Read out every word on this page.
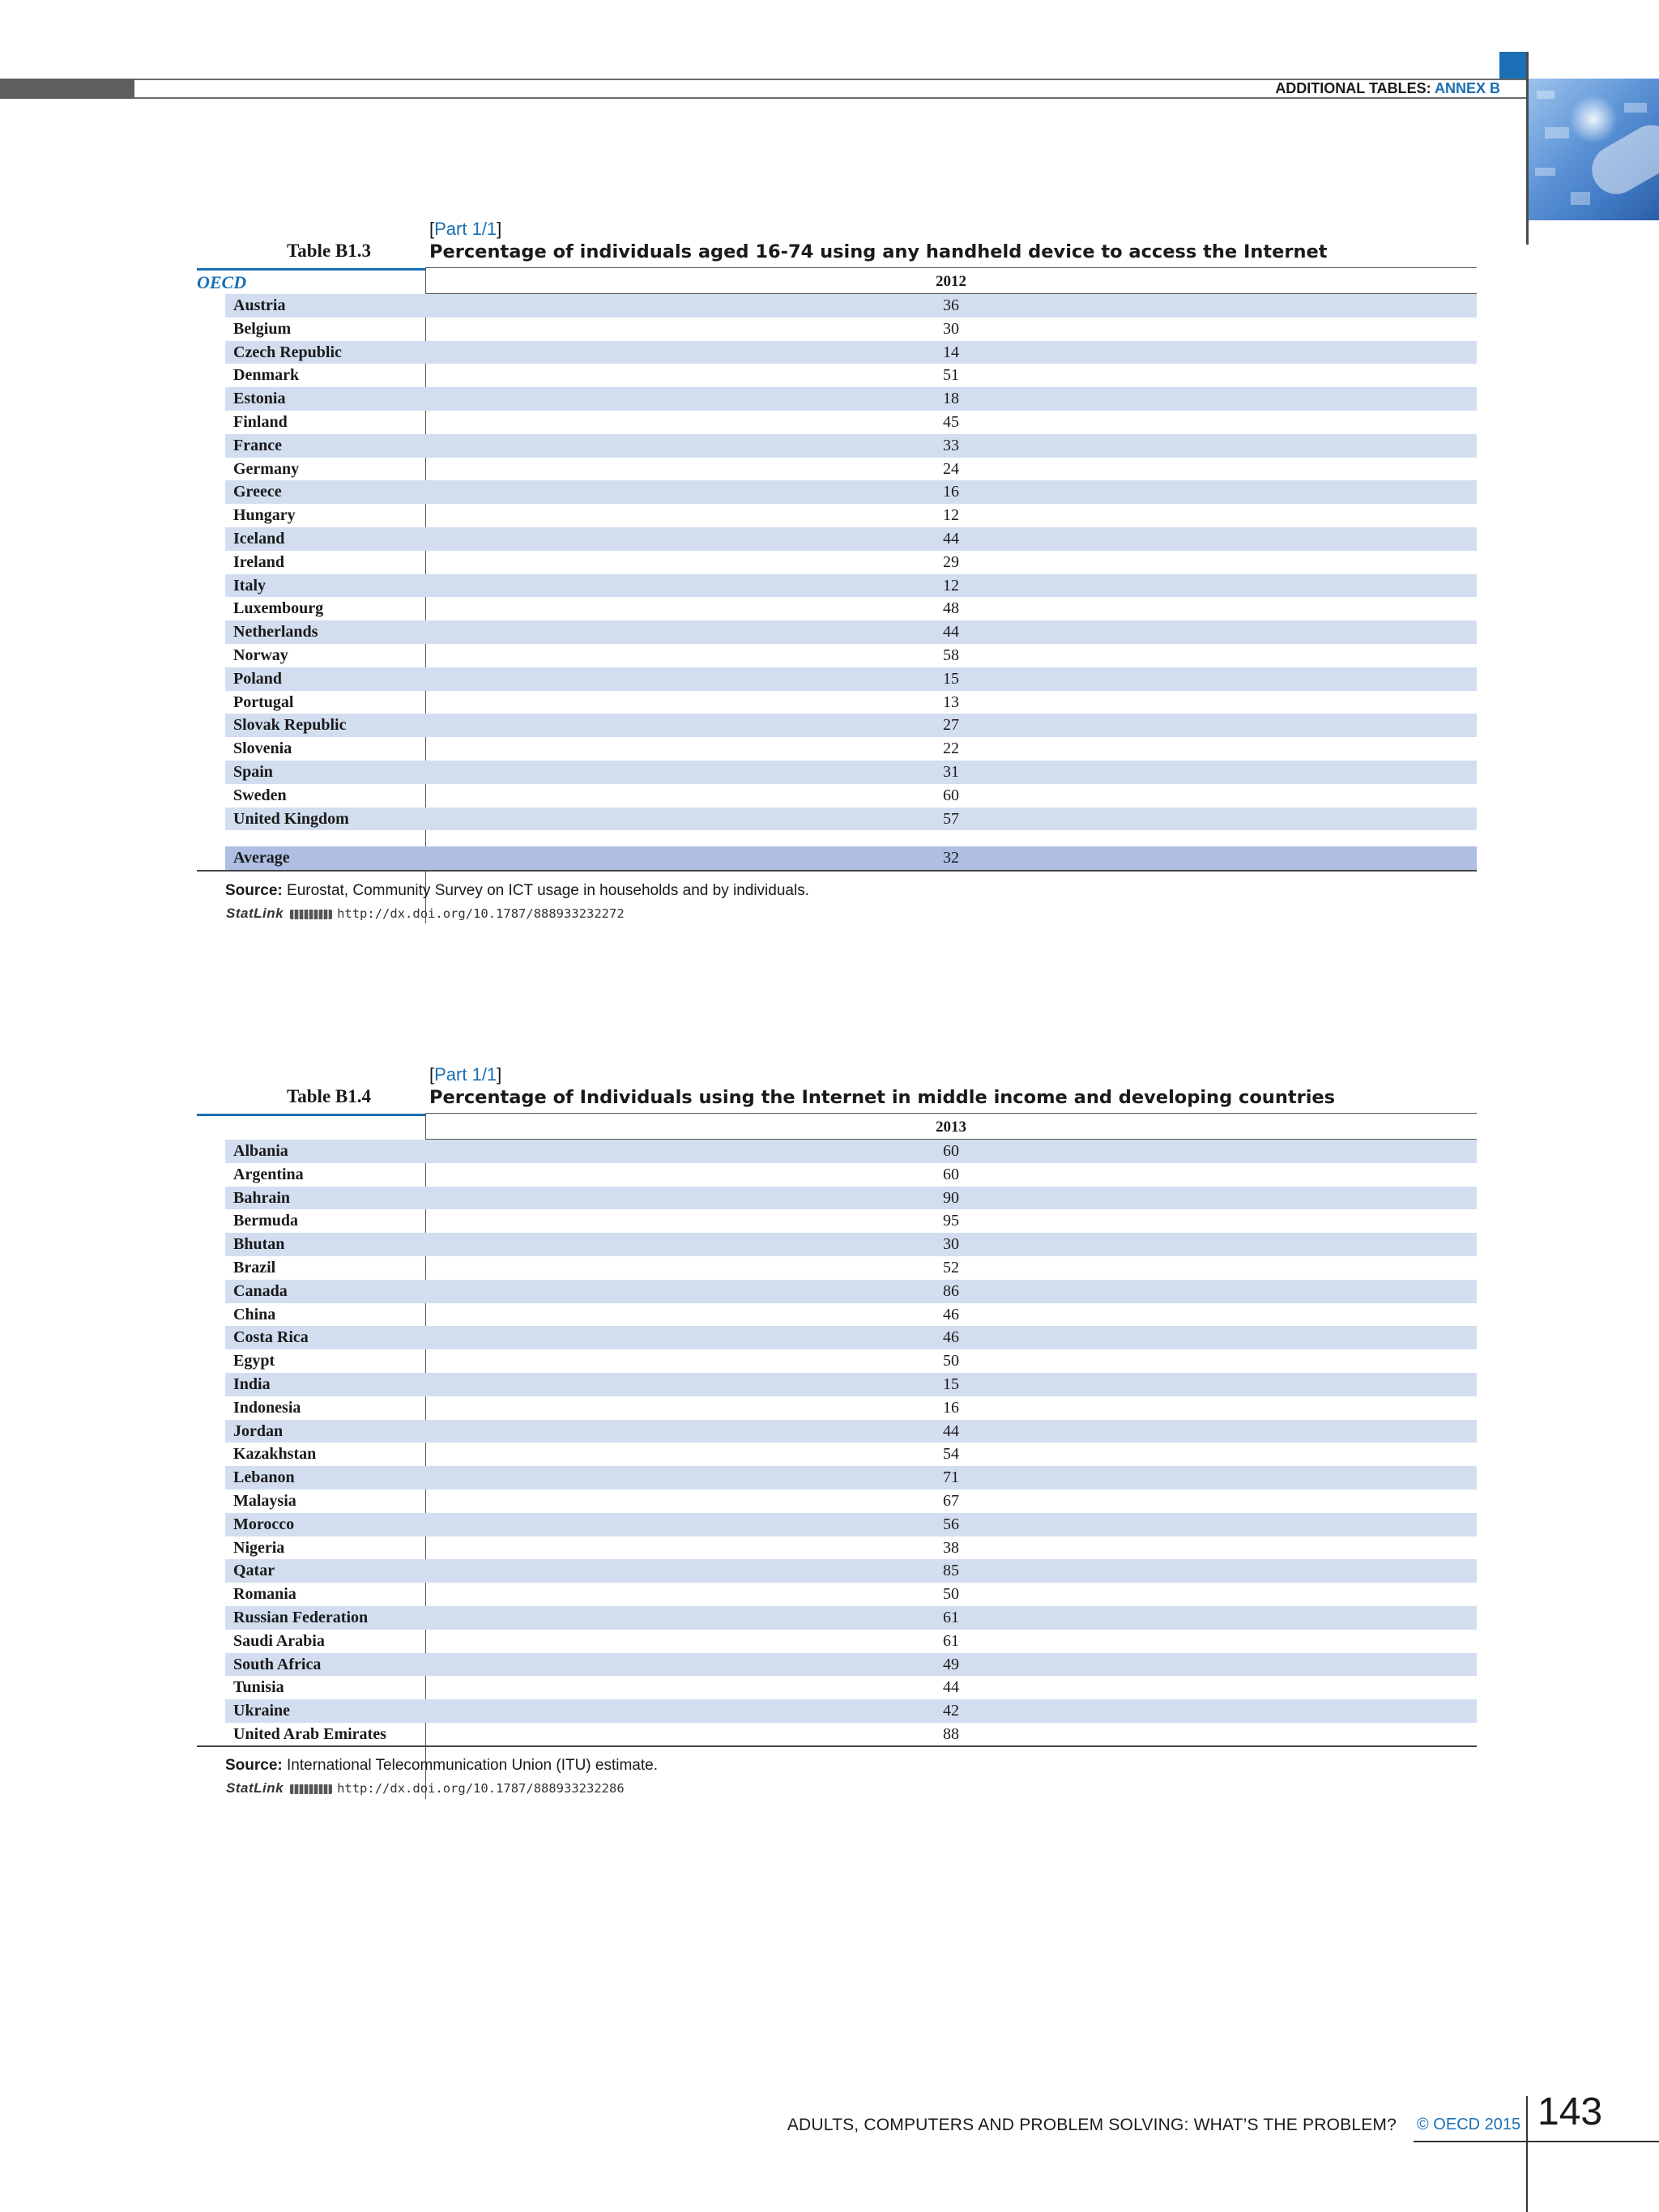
ADDITIONAL TABLES: ANNEX B
[Part 1/1]
Table B1.3	Percentage of individuals aged 16-74 using any handheld device to access the Internet
OECD	2012
Austria	36
Belgium	30
Czech Republic	14
Denmark	51
Estonia	18
Finland	45
France	33
Germany	24
Greece	16
Hungary	12
Iceland	44
Ireland	29
Italy	12
Luxembourg	48
Netherlands	44
Norway	58
Poland	15
Portugal	13
Slovak Republic	27
Slovenia	22
Spain	31
Sweden	60
United Kingdom	57
Average	32
Source: Eurostat, Community Survey on ICT usage in households and by individuals.
StatLink	http://dx.doi.org/10.1787/888933232272
[Part 1/1]
Table B1.4	Percentage of Individuals using the Internet in middle income and developing countries
2013
Albania	60
Argentina	60
Bahrain	90
Bermuda	95
Bhutan	30
Brazil	52
Canada	86
China	46
Costa Rica	46
Egypt	50
India	15
Indonesia	16
Jordan	44
Kazakhstan	54
Lebanon	71
Malaysia	67
Morocco	56
Nigeria	38
Qatar	85
Romania	50
Russian Federation	61
Saudi Arabia	61
South Africa	49
Tunisia	44
Ukraine	42
United Arab Emirates	88
Source: International Telecommunication Union (ITU) estimate.
StatLink	http://dx.doi.org/10.1787/888933232286
ADULTS, COMPUTERS AND PROBLEM SOLVING: WHAT’S THE PROBLEM? © OECD 2015 143
